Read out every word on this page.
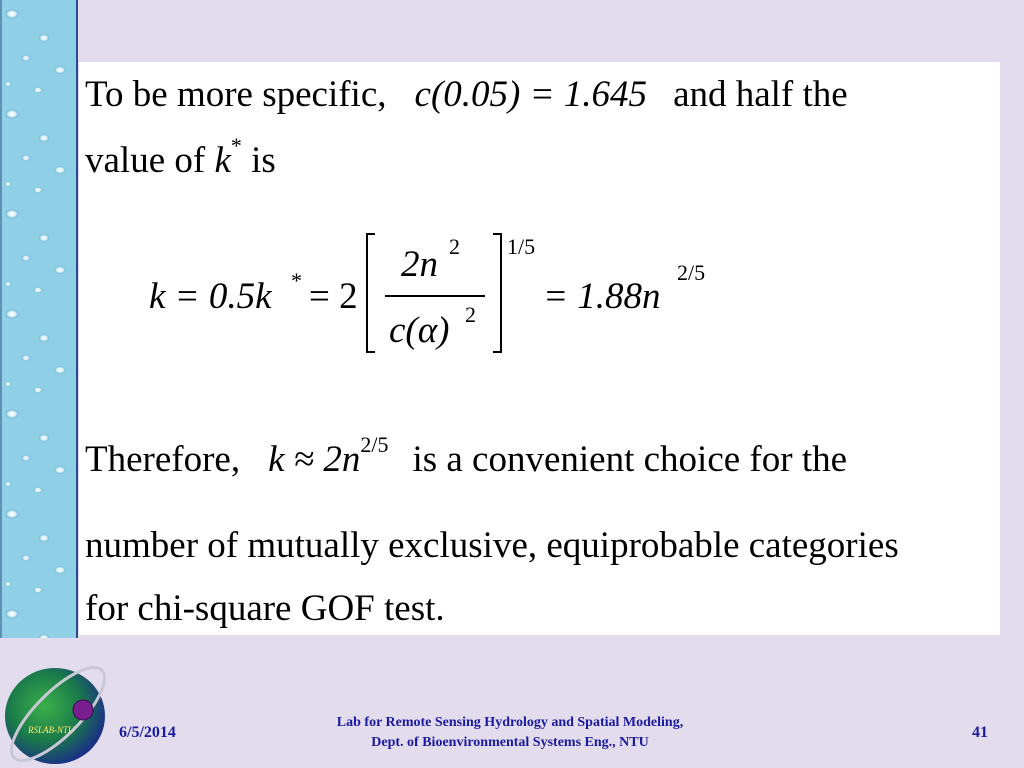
To be more specific, c(0.05) = 1.645 and half the
value of k* is
k = 0.5k * = 2
2n 2
c(α) 2
1/5
= 1.88n
2/5
Therefore, $k \approx 2n^{2/5}$ is a convenient choice for the
number of mutually exclusive, equiprobable categories
for chi-square GOF test.
RSLAB-NTU	6/5/2014
Lab for Remote Sensing Hydrology and Spatial Modeling,
Dept. of Bioenvironmental Systems Eng., NTU
41
